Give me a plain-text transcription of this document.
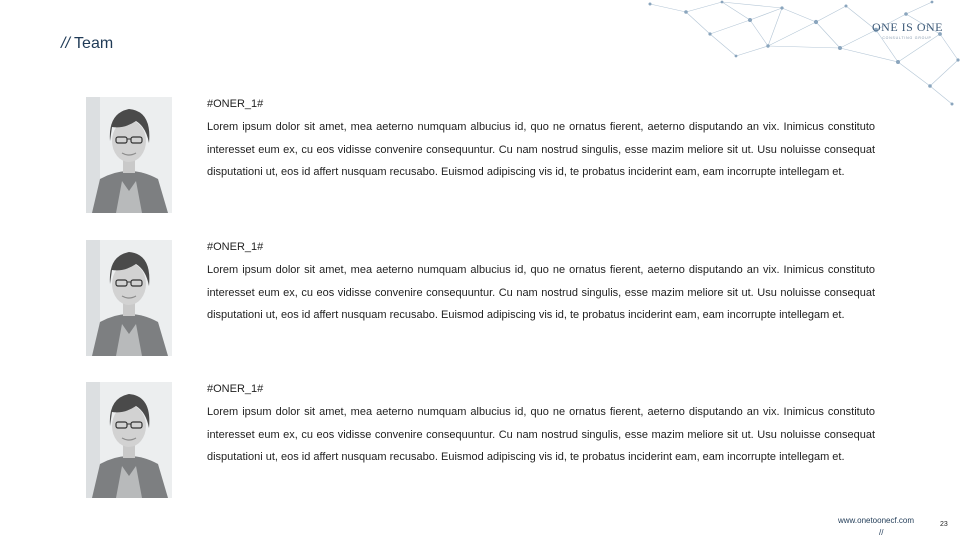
ONE IS ONE
CONSULTING GROUP
// Team
#ONER_1#
Lorem ipsum dolor sit amet, mea aeterno numquam albucius id, quo ne ornatus fierent, aeterno disputando an vix. Inimicus constituto interesset eum ex, cu eos vidisse convenire consequuntur. Cu nam nostrud singulis, esse mazim meliore sit ut. Usu noluisse consequat disputationi ut, eos id affert nusquam recusabo. Euismod adipiscing vis id, te probatus inciderint eam, eam incorrupte intellegam et.
#ONER_1#
Lorem ipsum dolor sit amet, mea aeterno numquam albucius id, quo ne ornatus fierent, aeterno disputando an vix. Inimicus constituto interesset eum ex, cu eos vidisse convenire consequuntur. Cu nam nostrud singulis, esse mazim meliore sit ut. Usu noluisse consequat disputationi ut, eos id affert nusquam recusabo. Euismod adipiscing vis id, te probatus inciderint eam, eam incorrupte intellegam et.
#ONER_1#
Lorem ipsum dolor sit amet, mea aeterno numquam albucius id, quo ne ornatus fierent, aeterno disputando an vix. Inimicus constituto interesset eum ex, cu eos vidisse convenire consequuntur. Cu nam nostrud singulis, esse mazim meliore sit ut. Usu noluisse consequat disputationi ut, eos id affert nusquam recusabo. Euismod adipiscing vis id, te probatus inciderint eam, eam incorrupte intellegam et.
www.onetoonecf.com
//
23
